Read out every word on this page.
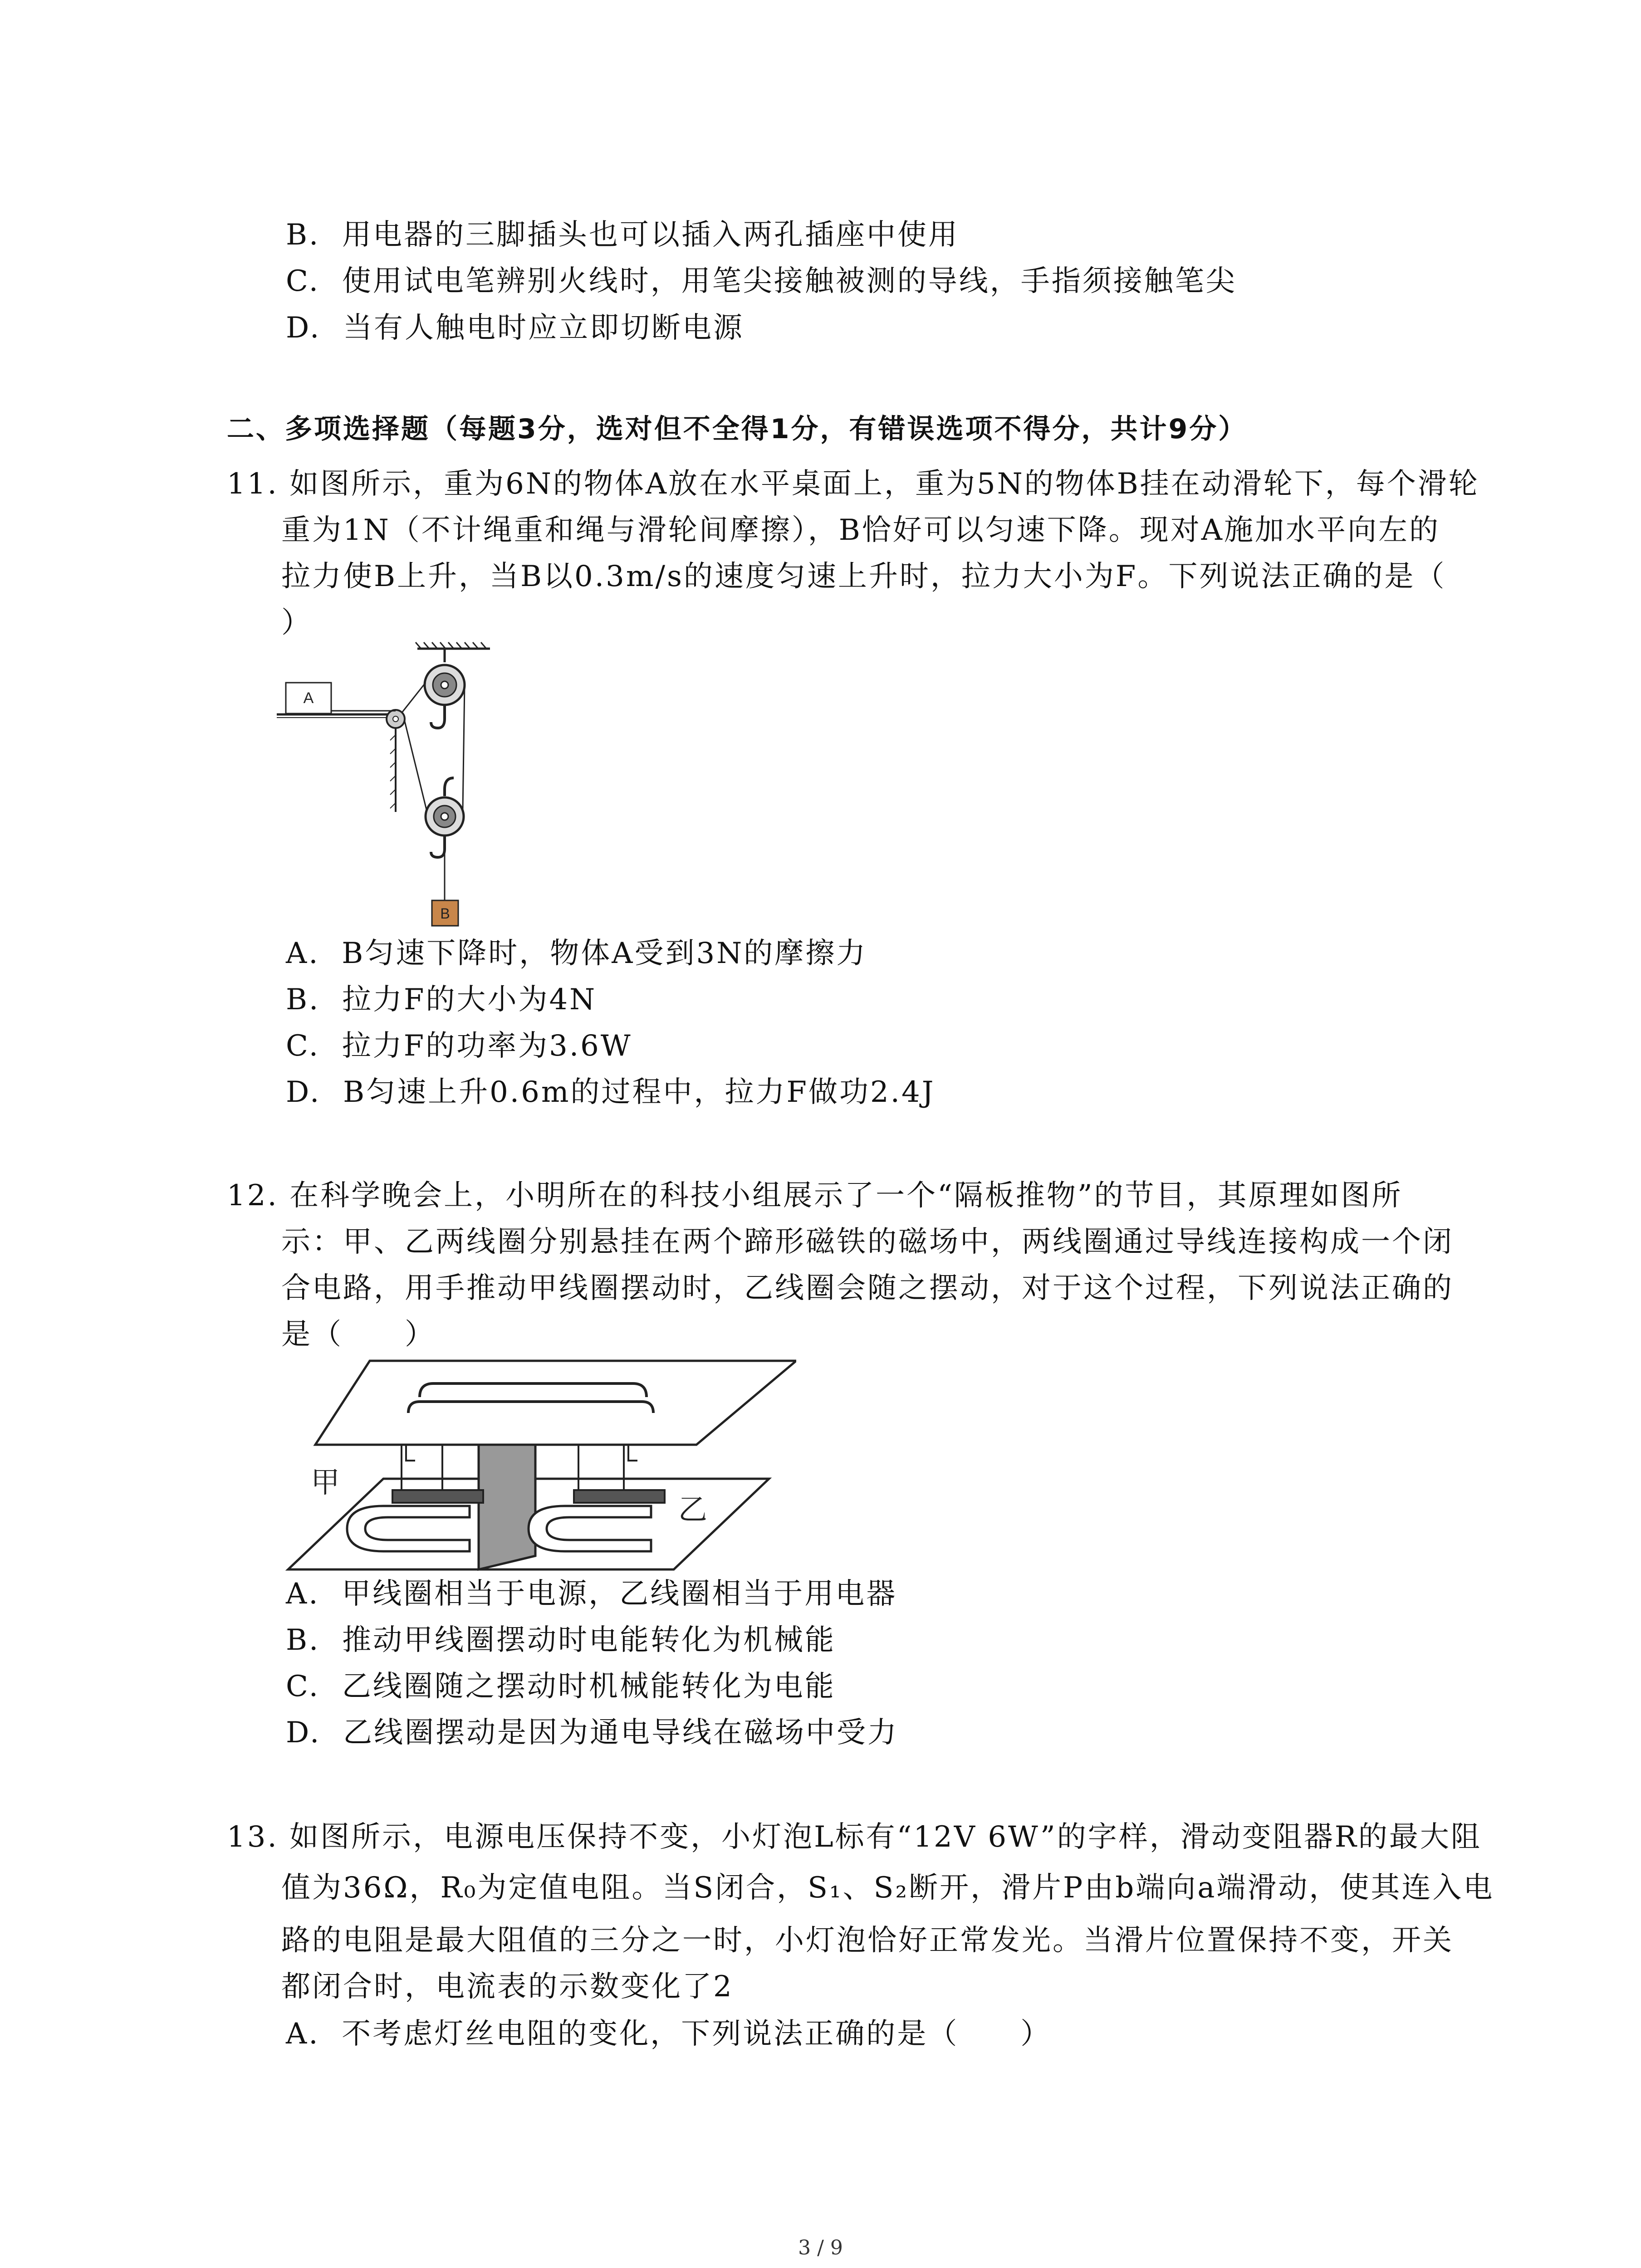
B. 用电器的三脚插头也可以插入两孔插座中使用
C. 使用试电笔辨别火线时，用笔尖接触被测的导线，手指须接触笔尖
D. 当有人触电时应立即切断电源
二、多项选择题（每题3分，选对但不全得1分，有错误选项不得分，共计9分）
11. 如图所示，重为6N的物体A放在水平桌面上，重为5N的物体B挂在动滑轮下，每个滑轮
重为1N（不计绳重和绳与滑轮间摩擦），B恰好可以匀速下降。现对A施加水平向左的
拉力使B上升，当B以0.3m/s的速度匀速上升时，拉力大小为F。下列说法正确的是（
）
A
B
A. B匀速下降时，物体A受到3N的摩擦力
B. 拉力F的大小为4N
C. 拉力F的功率为3.6W
D. B匀速上升0.6m的过程中，拉力F做功2.4J
12. 在科学晚会上，小明所在的科技小组展示了一个“隔板推物”的节目，其原理如图所
示：甲、乙两线圈分别悬挂在两个蹄形磁铁的磁场中，两线圈通过导线连接构成一个闭
合电路，用手推动甲线圈摆动时，乙线圈会随之摆动，对于这个过程，下列说法正确的
是（　　）
甲
乙
A. 甲线圈相当于电源，乙线圈相当于用电器
B. 推动甲线圈摆动时电能转化为机械能
C. 乙线圈随之摆动时机械能转化为电能
D. 乙线圈摆动是因为通电导线在磁场中受力
13. 如图所示，电源电压保持不变，小灯泡L标有“12V 6W”的字样，滑动变阻器R的最大阻
值为36Ω，R₀为定值电阻。当S闭合，S₁、S₂断开，滑片P由b端向a端滑动，使其连入电
路的电阻是最大阻值的三分之一时，小灯泡恰好正常发光。当滑片位置保持不变，开关
都闭合时，电流表的示数变化了2
A. 不考虑灯丝电阻的变化，下列说法正确的是（　　）
3 / 9
